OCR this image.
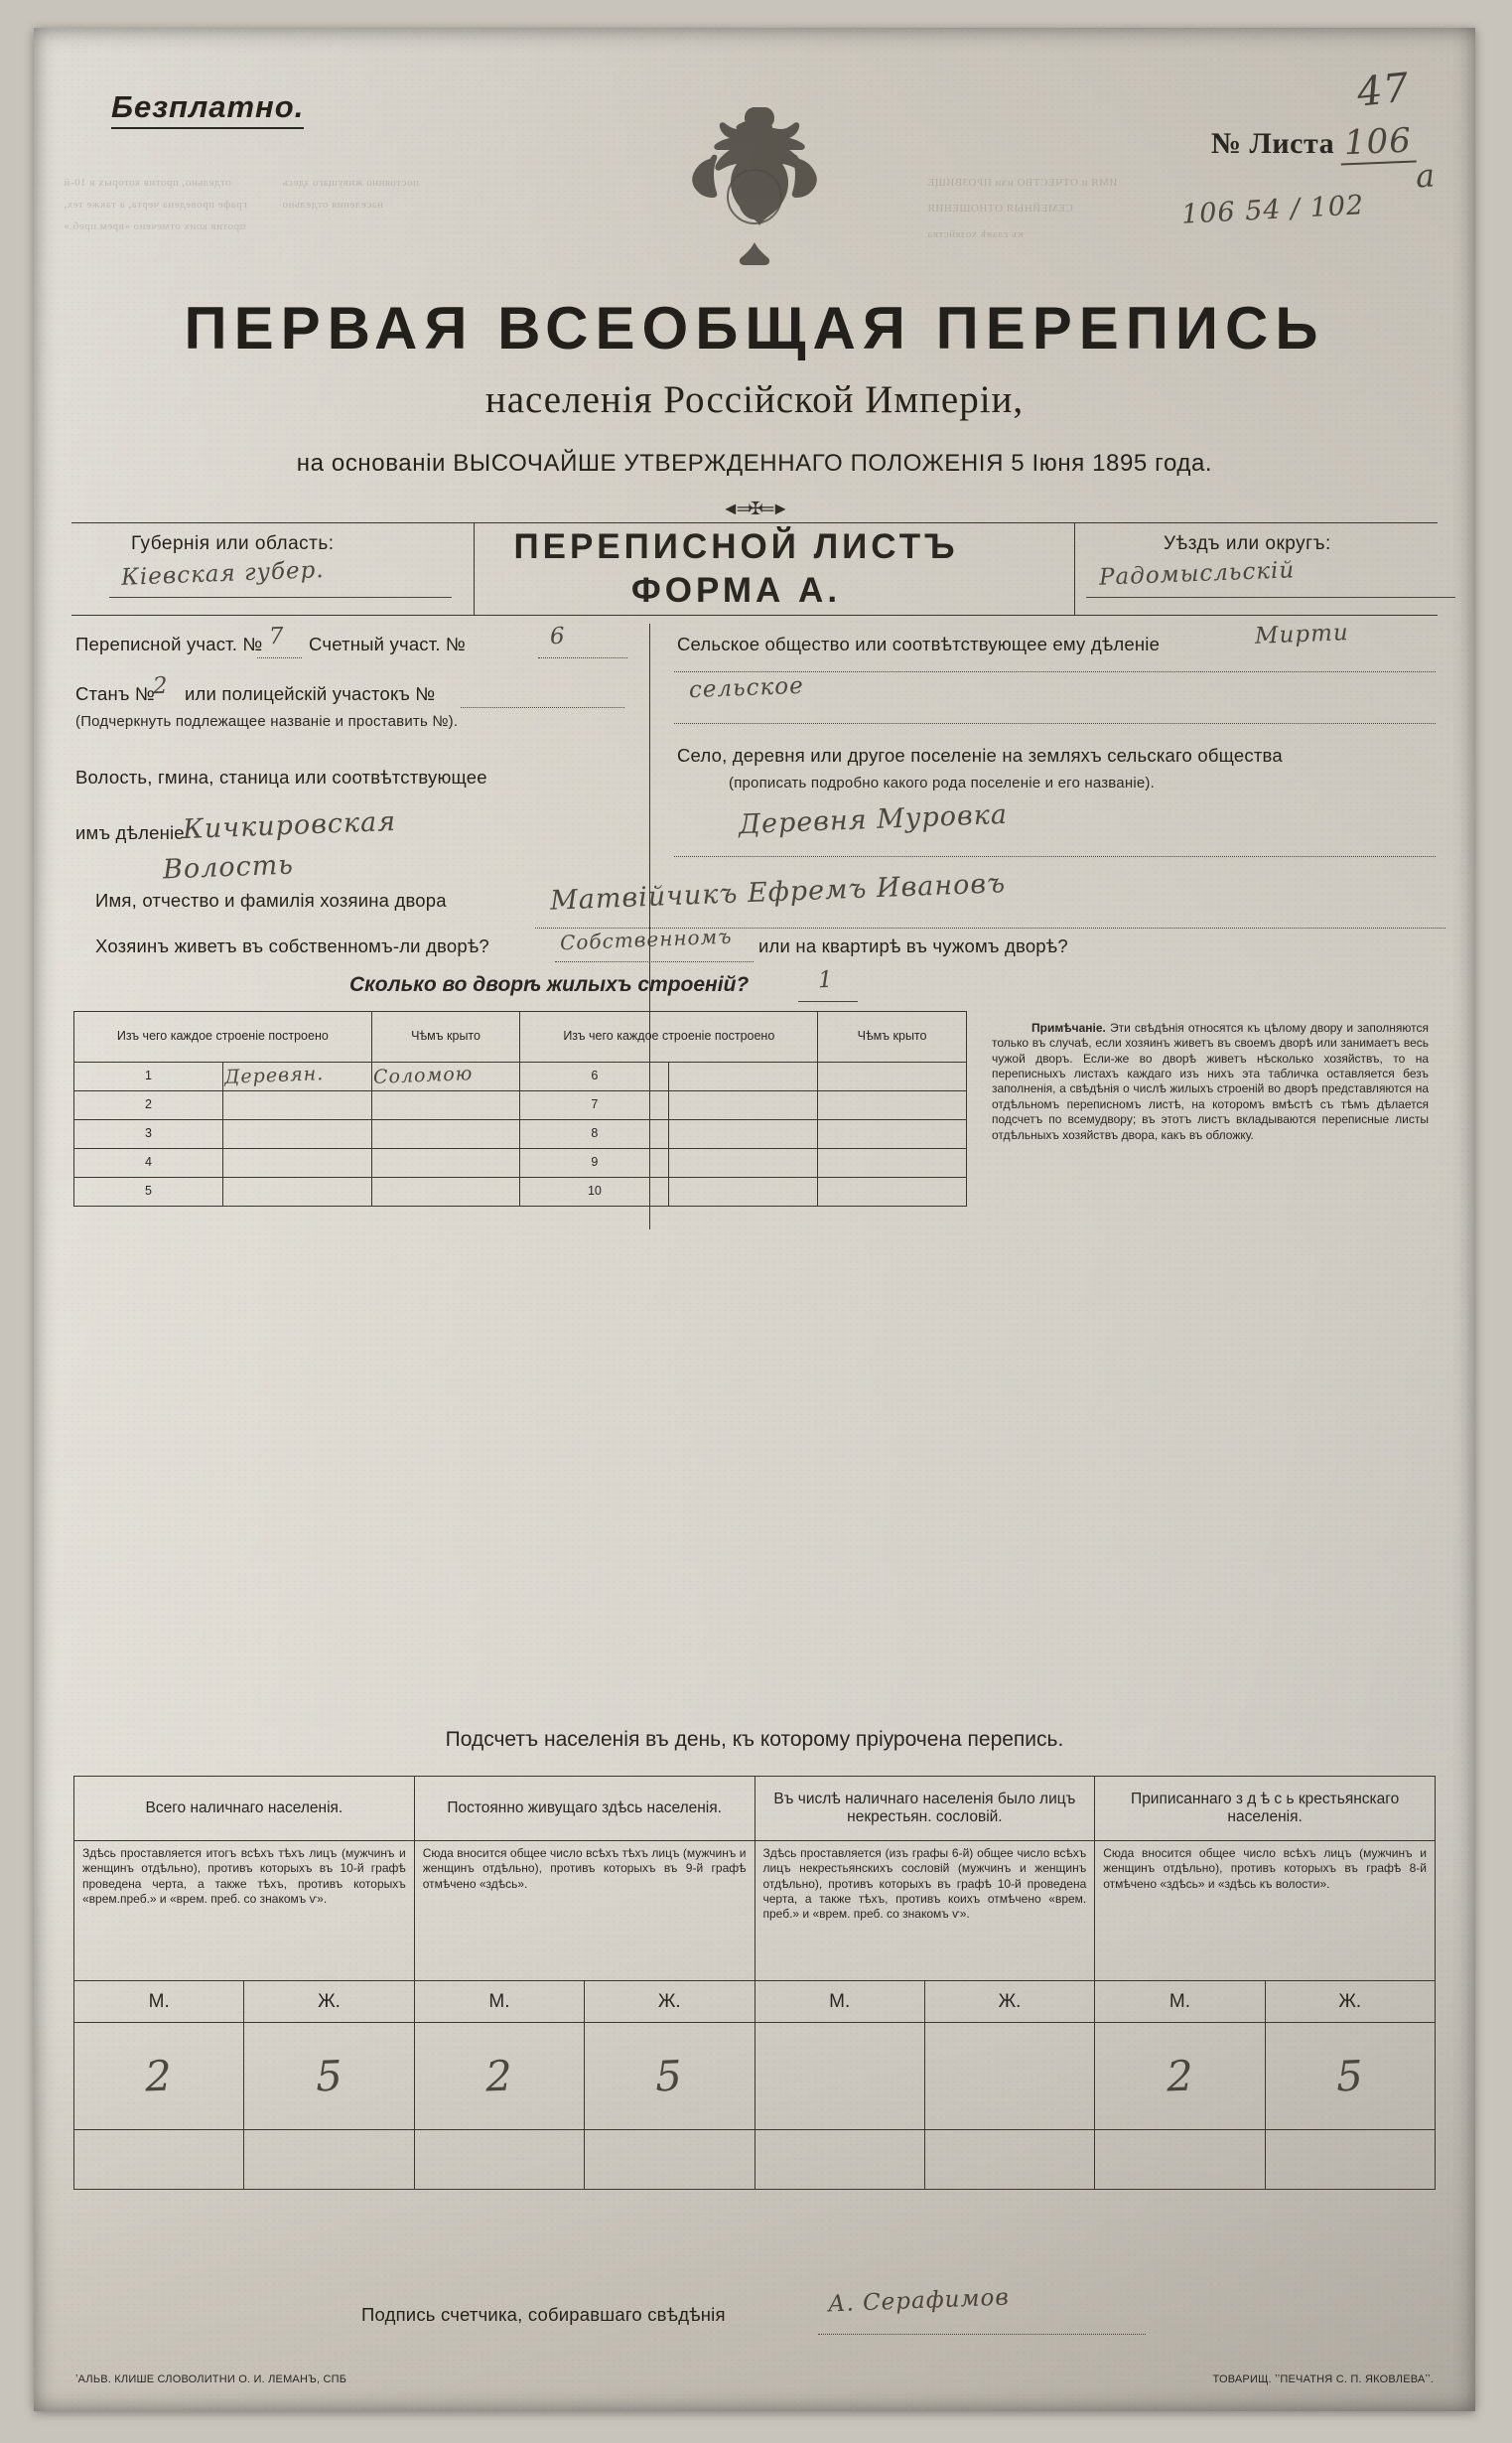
отдельно, против которых в 10-й
графе проведена черта, а также тех,
против коих отмечено «врем.преб.»
постоянно живущаго здесь
населения отдельно
ИМЯ и ОТЧЕСТВО или ПРОЗВИЩЕ
СЕМЕЙНЫЯ ОТНОШЕНИЯ
къ главѣ хозяйства
47
Безплатно.
№ Листа 106
a
106 54 / 102
ПЕРВАЯ ВСЕОБЩАЯ ПЕРЕПИСЬ
населенія Россійской Имперіи,
на основаніи ВЫСОЧАЙШЕ УТВЕРЖДЕННАГО ПОЛОЖЕНІЯ 5 Іюня 1895 года.
◄═✠═►
Губернія или область:
Кіевская губер.
ПЕРЕПИСНОЙ ЛИСТЪ
ФОРМА А.
Уѣздъ или округъ:
Радомысльскій
Переписной участ. № 7 Счетный участ. №	6
Станъ №
2 или полицейскій участокъ №
(Подчеркнуть подлежащее названіе и проставить №).
Волость, гмина, станица или соотвѣтствующее
имъ дѣленіе
Кичкировская
Волость
Сельское общество или соотвѣтствующее ему дѣленіе	Мирти
сельское
Село, деревня или другое поселеніе на земляхъ сельскаго общества
(прописать подробно какого рода поселеніе и его названіе).
Деревня Муровка
Имя, отчество и фамилія хозяина двора	Матвійчикъ Ефремъ Ивановъ
Хозяинъ живетъ въ собственномъ-ли дворѣ?	Собственномъ или на квартирѣ въ чужомъ дворѣ?
Сколько во дворѣ жилыхъ строеній?	1
Изъ чего каждое строеніе построено		Чѣмъ крыто	Изъ чего каждое строеніе построено		Чѣмъ крыто
1	Деревян.	Соломою	6		
2			7		
3			8		
4			9		
5			10		
Примѣчаніе. Эти свѣдѣнія относятся къ цѣлому двору и заполняются только въ случаѣ, если хозяинъ живетъ въ своемъ дворѣ или занимаетъ весь чужой дворъ. Если-же во дворѣ живетъ нѣсколько хозяйствъ, то на переписныхъ листахъ каждаго изъ нихъ эта табличка оставляется безъ заполненія, а свѣдѣнія о числѣ жилыхъ строеній во дворѣ представляются на отдѣльномъ переписномъ листѣ, на которомъ вмѣстѣ съ тѣмъ дѣлается подсчетъ по всемудвору; въ этотъ листъ вкладываются переписные листы отдѣльныхъ хозяйствъ двора, какъ въ обложку.
Подсчетъ населенія въ день, къ которому пріурочена перепись.
Всего наличнаго населенія.		Постоянно живущаго здѣсь населенія.		Въ числѣ наличнаго населенія было лицъ некрестьян. сословій.		Приписаннаго з д ѣ с ь крестьянскаго населенія.	
Здѣсь проставляется итогъ всѣхъ тѣхъ лицъ (мужчинъ и женщинъ отдѣльно), противъ которыхъ въ 10-й графѣ проведена черта, а также тѣхъ, противъ которыхъ «врем.преб.» и «врем. преб. со знакомъ ѵ».		Сюда вносится общее число всѣхъ тѣхъ лицъ (мужчинъ и женщинъ отдѣльно), противъ которыхъ въ 9-й графѣ отмѣчено «здѣсь».		Здѣсь проставляется (изъ графы 6-й) общее число всѣхъ лицъ некрестьянскихъ сословій (мужчинъ и женщинъ отдѣльно), противъ которыхъ въ графѣ 10-й проведена черта, а также тѣхъ, противъ коихъ отмѣчено «врем. преб.» и «врем. преб. со знакомъ ѵ».		Сюда вносится общее число всѣхъ лицъ (мужчинъ и женщинъ отдѣльно), противъ которыхъ въ графѣ 8-й отмѣчено «здѣсь» и «здѣсь къ волости».	
М.	Ж.	М.	Ж.	М.	Ж.	М.	Ж.
2	5	2	5			2	5

Подпись счетчика, собиравшаго свѣдѣнія	А. Серафимов
ʼАЛЬВ. КЛИШЕ СЛОВОЛИТНИ О. И. ЛЕМАНЪ, СПБ	ТОВАРИЩ. ʼʼПЕЧАТНЯ С. П. ЯКОВЛЕВАʼʼ.
